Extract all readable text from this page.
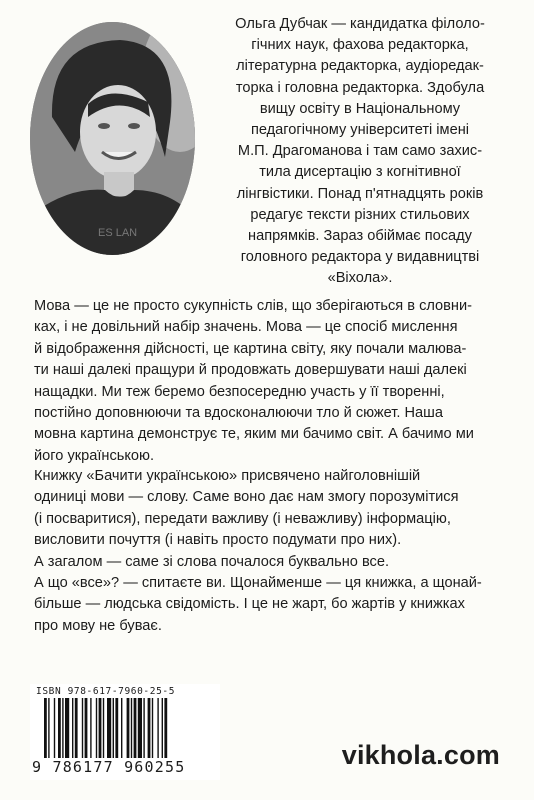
ES LAN
Ольга Дубчак — кандидатка філоло-
гічних наук, фахова редакторка,
літературна редакторка, аудіоредак-
торка і головна редакторка. Здобула
вищу освіту в Національному
педагогічному університеті імені
М.П. Драгоманова і там само захис-
тила дисертацію з когнітивної
лінгвістики. Понад п'ятнадцять років
редагує тексти різних стильових
напрямків. Зараз обіймає посаду
головного редактора у видавництві
«Віхола».
Мова — це не просто сукупність слів, що зберігаються в словни-
ках, і не довільний набір значень. Мова — це спосіб мислення
й відображення дійсності, це картина світу, яку почали малюва-
ти наші далекі пращури й продовжать довершувати наші далекі
нащадки. Ми теж беремо безпосередню участь у її творенні,
постійно доповнюючи та вдосконалюючи тло й сюжет. Наша
мовна картина демонструє те, яким ми бачимо світ. А бачимо ми
його українською.
Книжку «Бачити українською» присвячено найголовнішій
одиниці мови — слову. Саме воно дає нам змогу порозумітися
(і посваритися), передати важливу (і неважливу) інформацію,
висловити почуття (і навіть просто подумати про них).
А загалом — саме зі слова почалося буквально все.
А що «все»? — спитаєте ви. Щонайменше — ця книжка, а щонай-
більше — людська свідомість. І це не жарт, бо жартів у книжках
про мову не буває.
ISBN 978-617-7960-25-5
9 786177 960255	vikhola.com
